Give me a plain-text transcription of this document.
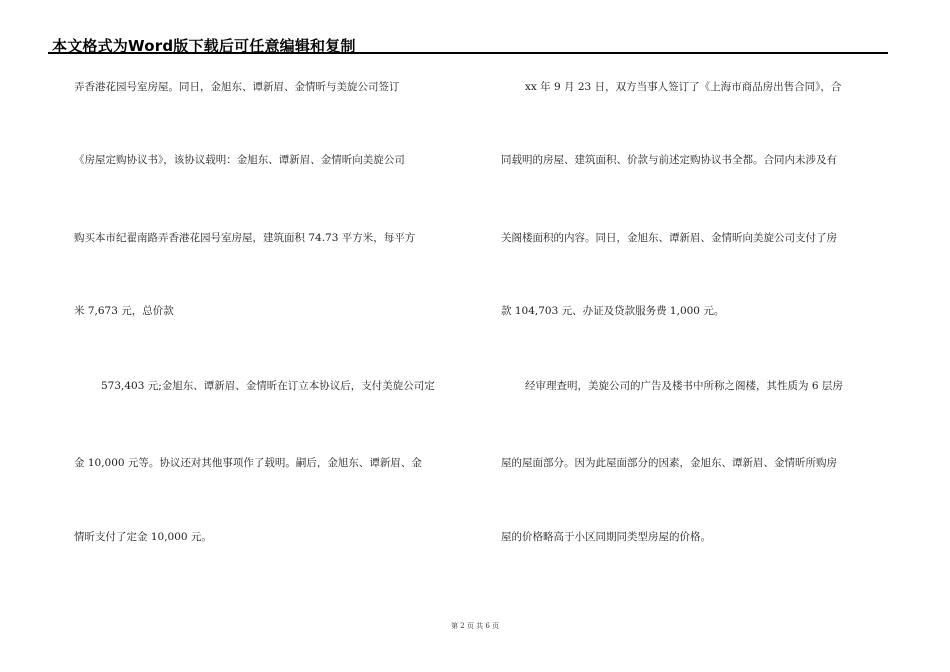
本文格式为Word版下载后可任意编辑和复制
弄香港花园号室房屋。同日，金旭东、谭新眉、金情昕与美旋公司签订
《房屋定购协议书》，该协议载明：金旭东、谭新眉、金情昕向美旋公司
购买本市纪翟南路弄香港花园号室房屋，建筑面积 74.73 平方米，每平方
米 7,673 元，总价款
573,403 元;金旭东、谭新眉、金情昕在订立本协议后，支付美旋公司定
金 10,000 元等。协议还对其他事项作了载明。嗣后，金旭东、谭新眉、金
情昕支付了定金 10,000 元。
xx 年 9 月 23 日，双方当事人签订了《上海市商品房出售合同》，合
同载明的房屋、建筑面积、价款与前述定购协议书全都。合同内未涉及有
关阁楼面积的内容。同日，金旭东、谭新眉、金情昕向美旋公司支付了房
款 104,703 元、办证及贷款服务费 1,000 元。
经审理查明，美旋公司的广告及楼书中所称之阁楼，其性质为 6 层房
屋的屋面部分。因为此屋面部分的因素，金旭东、谭新眉、金情昕所购房
屋的价格略高于小区同期同类型房屋的价格。
第 2 页 共 6 页
